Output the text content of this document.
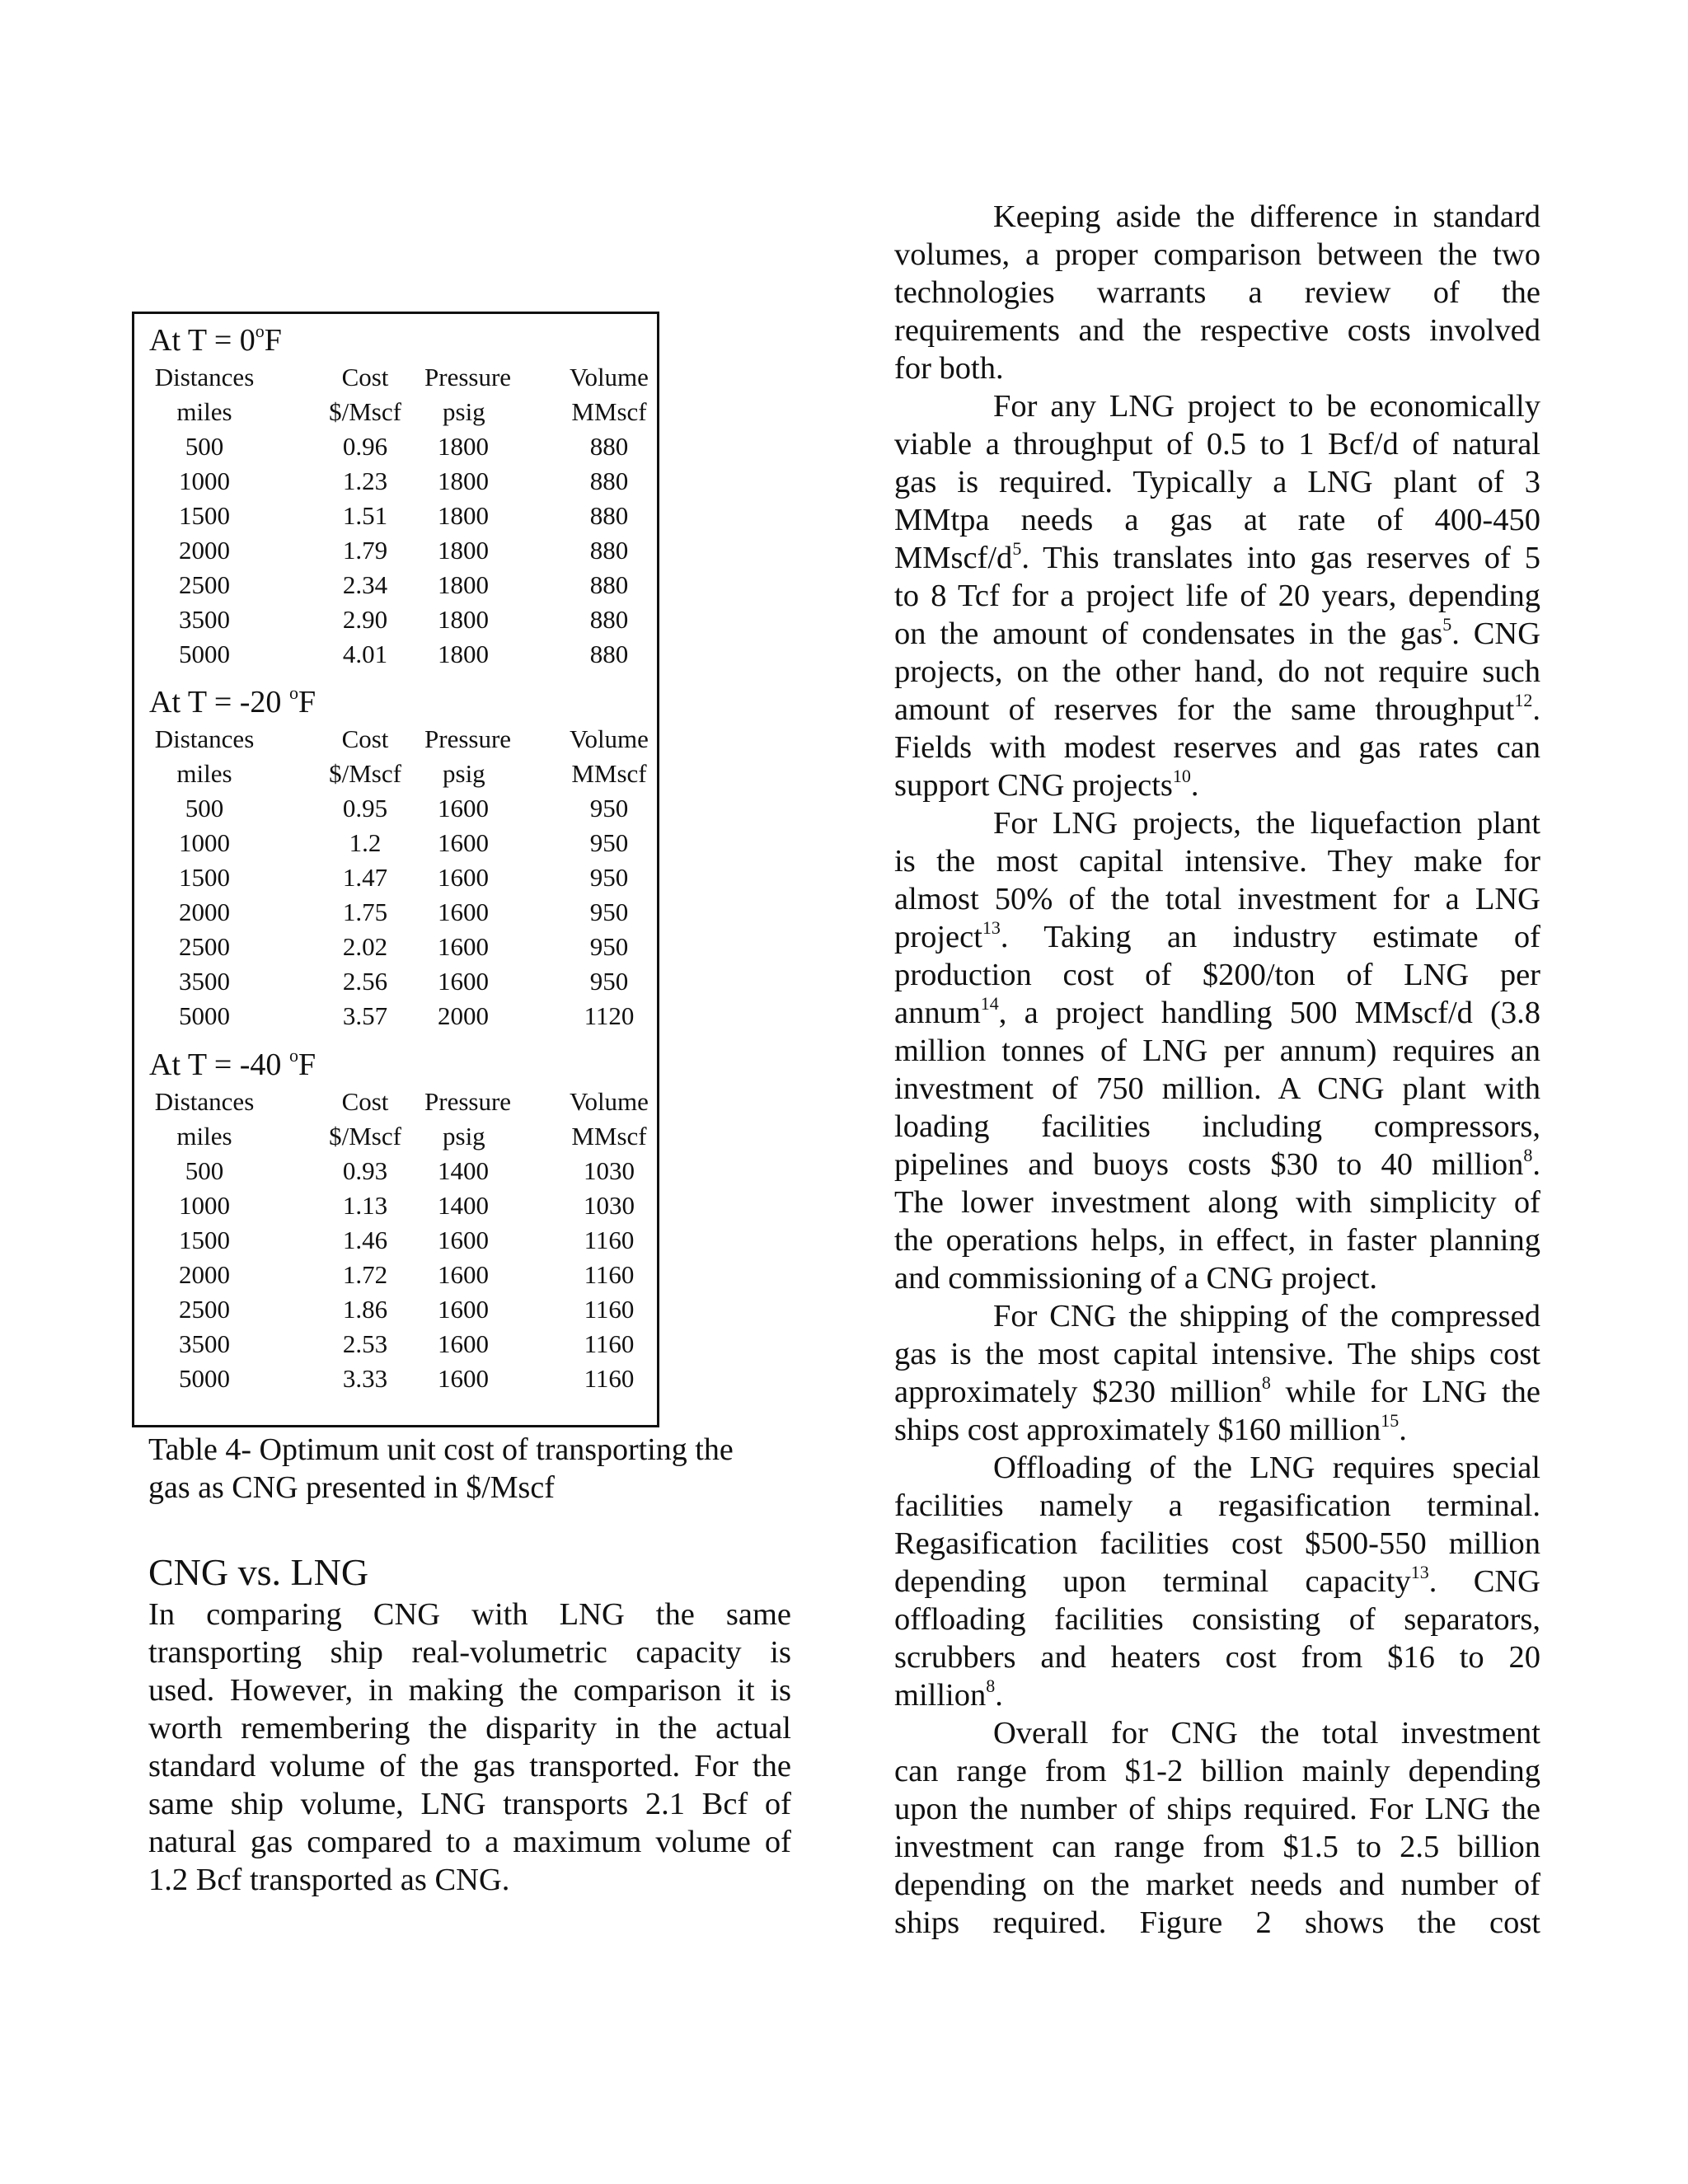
At $T = 0^oF$
Distances	Cost	Pressure	Volume
miles	$/Mscf	psig	MMscf
500	0.96	1800	880
1000	1.23	1800	880
1500	1.51	1800	880
2000	1.79	1800	880
2500	2.34	1800	880
3500	2.90	1800	880
5000	4.01	1800	880
At T = -20 $^o$F
Distances	Cost	Pressure	Volume
miles	$/Mscf	psig	MMscf
500	0.95	1600	950
1000	1.2	1600	950
1500	1.47	1600	950
2000	1.75	1600	950
2500	2.02	1600	950
3500	2.56	1600	950
5000	3.57	2000	1120
At T = -40 $^o$F
Distances	Cost	Pressure	Volume
miles	$/Mscf	psig	MMscf
500	0.93	1400	1030
1000	1.13	1400	1030
1500	1.46	1600	1160
2000	1.72	1600	1160
2500	1.86	1600	1160
3500	2.53	1600	1160
5000	3.33	1600	1160
Table 4- Optimum unit cost of transporting the
gas as CNG presented in $/Mscf
CNG vs. LNG
In comparing CNG with LNG the same
transporting ship real-volumetric capacity is
used. However, in making the comparison it is
worth remembering the disparity in the actual
standard volume of the gas transported. For the
same ship volume, LNG transports 2.1 Bcf of
natural gas compared to a maximum volume of
1.2 Bcf transported as CNG.
Keeping aside the difference in standard
volumes, a proper comparison between the two
technologies warrants a review of the
requirements and the respective costs involved
for both.
For any LNG project to be economically
viable a throughput of 0.5 to 1 Bcf/d of natural
gas is required. Typically a LNG plant of 3
MMtpa needs a gas at rate of 400-450
MMscf/$d^5$. This translates into gas reserves of 5
to 8 Tcf for a project life of 20 years, depending
on the amount of condensates in the gas$^5$. CNG
projects, on the other hand, do not require such
amount of reserves for the same throughput$^{12}$.
Fields with modest reserves and gas rates can
support CNG projects$^{10}$.
For LNG projects, the liquefaction plant
is the most capital intensive. They make for
almost 50% of the total investment for a LNG
project$^{13}$. Taking an industry estimate of
production cost of $200/ton of LNG per
annum$^{14}$, a project handling 500 MMscf/d (3.8
million tonnes of LNG per annum) requires an
investment of 750 million. A CNG plant with
loading facilities including compressors,
pipelines and buoys costs $30 to 40 million$^8$.
The lower investment along with simplicity of
the operations helps, in effect, in faster planning
and commissioning of a CNG project.
For CNG the shipping of the compressed
gas is the most capital intensive. The ships cost
approximately $230 million$^8$ while for LNG the
ships cost approximately $160 million$^{15}$.
Offloading of the LNG requires special
facilities namely a regasification terminal.
Regasification facilities cost $500-550 million
depending upon terminal capacity$^{13}$. CNG
offloading facilities consisting of separators,
scrubbers and heaters cost from $16 to 20
million$^8$.
Overall for CNG the total investment
can range from $1-2 billion mainly depending
upon the number of ships required. For LNG the
investment can range from $1.5 to 2.5 billion
depending on the market needs and number of
ships required. Figure 2 shows the cost
